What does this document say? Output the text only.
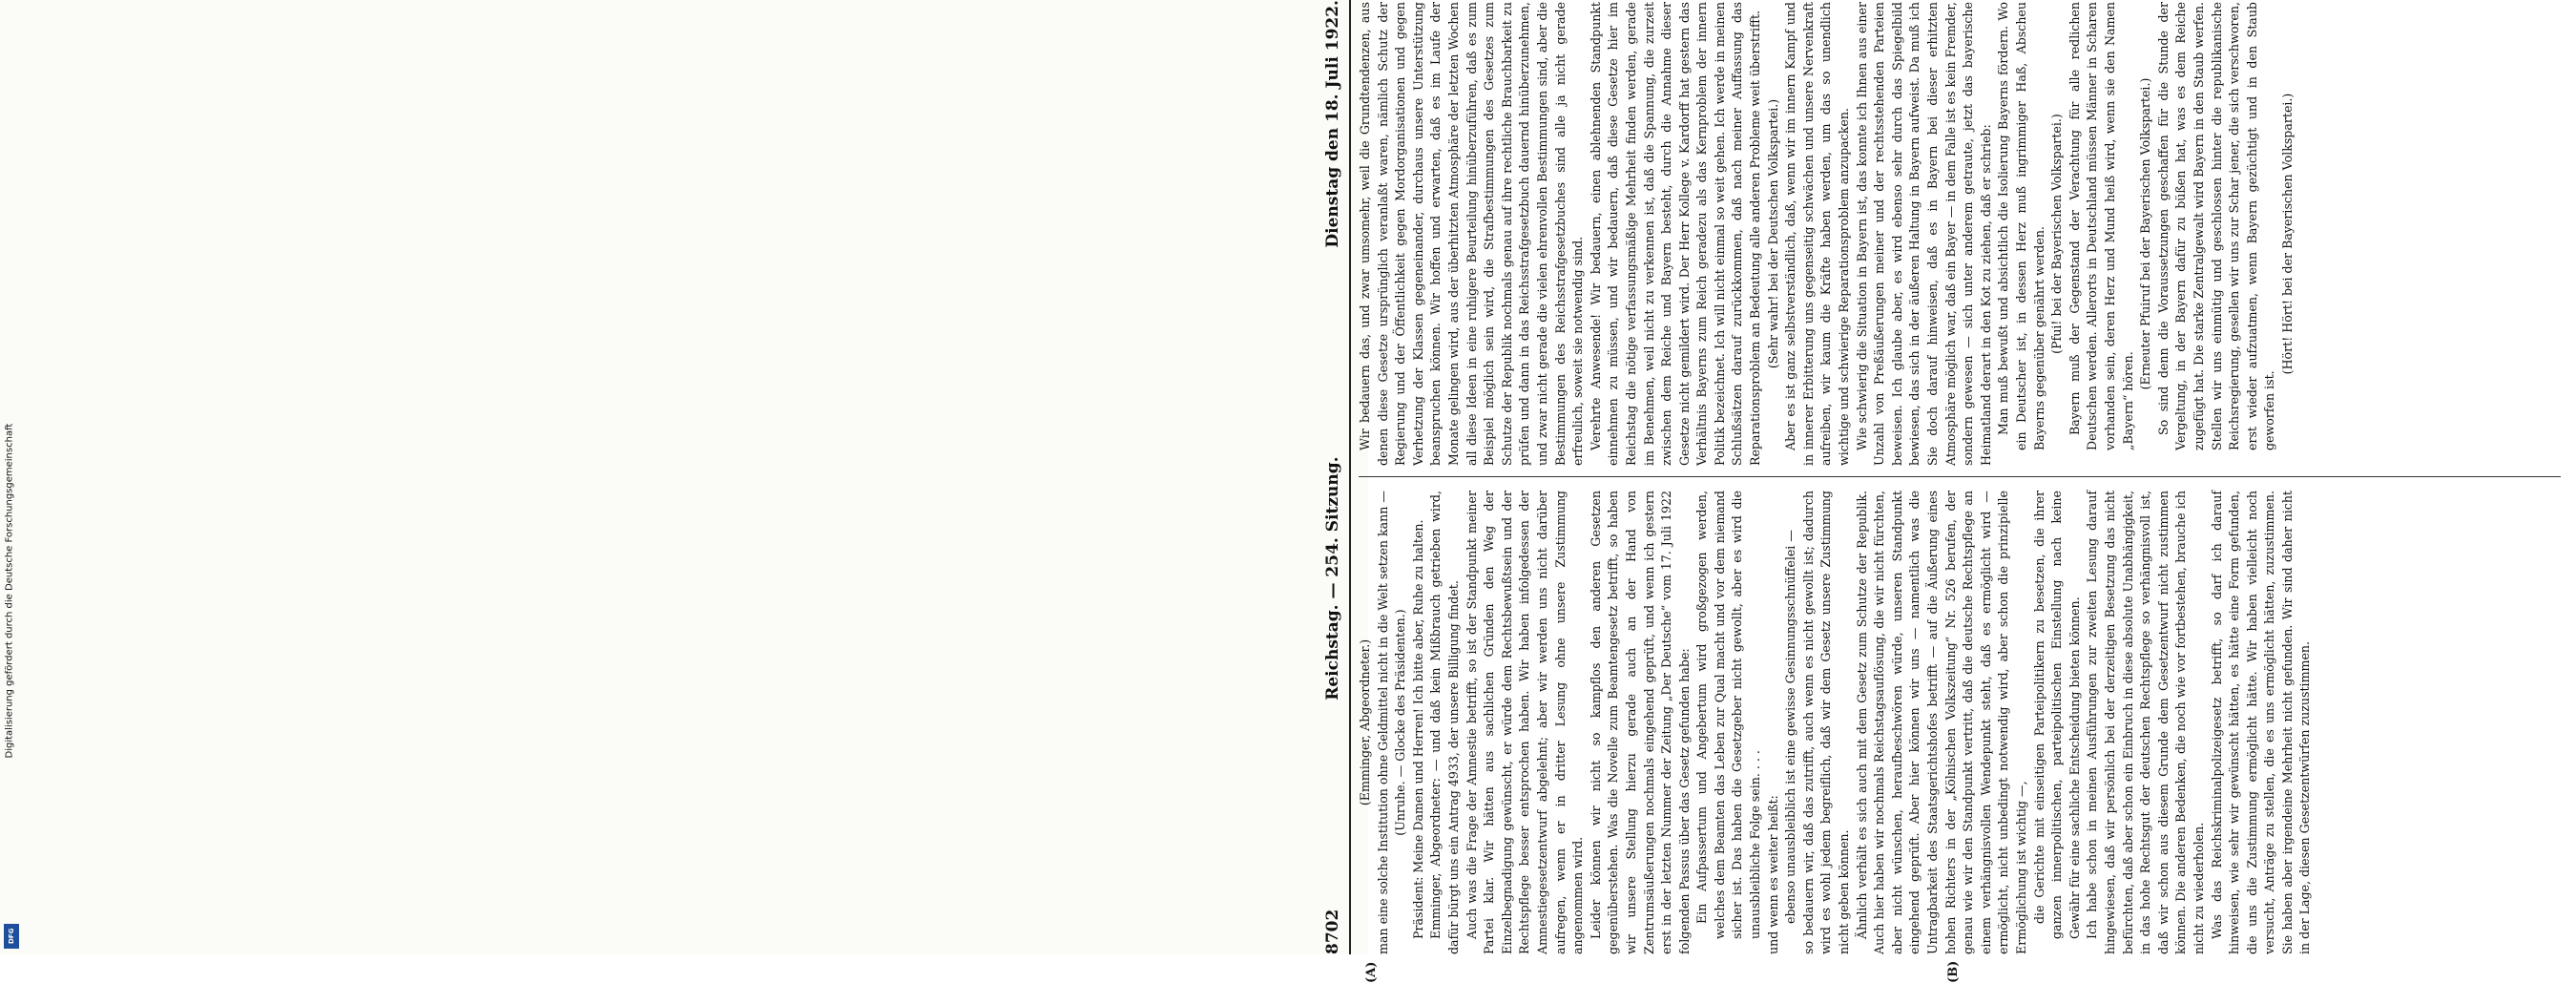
8702
Reichstag. — 254. Sitzung.
Dienstag den 18. Juli 1922.

(Emminger, Abgeordneter.) man eine solche Institution ohne Geldmittel nicht in die Welt setzen kann — (Unruhe. — Glocke des Präsidenten.) Präsident: Meine Damen und Herren! Ich bitte aber, Ruhe zu halten. Emminger, Abgeordneter: — und daß kein Mißbrauch getrieben wird, dafür bürgt uns ein Antrag 4933, der unsere Billigung findet. Auch was die Frage der Amnestie betrifft, so ist der Standpunkt meiner Partei klar. Wir hätten aus sachlichen Gründen den Weg der Einzelbegnadigung gewünscht, er würde dem Rechtsbewußtsein und der Rechtspflege besser entsprochen haben. Wir haben infolgedessen der Amnestiegesetzentwurf abgelehnt; aber wir werden uns nicht darüber aufregen, wenn er in dritter Lesung ohne unsere Zustimmung angenommen wird. Leider können wir nicht so kampflos den anderen Gesetzen gegenüberstehen. Was die Novelle zum Beamtengesetz betrifft, so haben wir unsere Stellung hierzu gerade auch an der Hand von Zentrumsäußerungen nochmals eingehend geprüft, und wenn ich gestern erst in der letzten Nummer der Zeitung „Der Deutsche“ vom 17. Juli 1922 folgenden Passus über das Gesetz gefunden habe: Ein Aufpassertum und Angebertum wird großgezogen werden, welches dem Beamten das Leben zur Qual macht und vor dem niemand sicher ist. Das haben die Gesetzgeber nicht gewollt, aber es wird die unausbleibliche Folge sein. . . . und wenn es weiter heißt: ebenso unausbleiblich ist eine gewisse Gesinnungsschnüffelei — so bedauern wir, daß das zutrifft, auch wenn es nicht gewollt ist; dadurch wird es wohl jedem begreiflich, daß wir dem Gesetz unsere Zustimmung nicht geben können. Ähnlich verhält es sich auch mit dem Gesetz zum Schutze der Republik. Auch hier haben wir nochmals Reichstagsauflösung, die wir nicht fürchten, aber nicht wünschen, heraufbeschwören würde, unseren Standpunkt eingehend geprüft. Aber hier können wir uns — namentlich was die Untragbarkeit des Staatsgerichtshofes betrifft — auf die Äußerung eines hohen Richters in der „Kölnischen Volkszeitung“ Nr. 526 berufen, der genau wie wir den Standpunkt vertritt, daß die deutsche Rechtspflege an einem verhängnisvollen Wendepunkt steht, daß es ermöglicht wird — ermöglicht, nicht unbedingt notwendig wird, aber schon die prinzipielle Ermöglichung ist wichtig —, die Gerichte mit einseitigen Parteipolitikern zu besetzen, die ihrer ganzen innerpolitischen, parteipolitischen Einstellung nach keine Gewähr für eine sachliche Entscheidung bieten können. Ich habe schon in meinen Ausführungen zur zweiten Lesung darauf hingewiesen, daß wir persönlich bei der derzeitigen Besetzung das nicht befürchten, daß aber schon ein Einbruch in diese absolute Unabhängigkeit, in das hohe Rechtsgut der deutschen Rechtspflege so verhängnisvoll ist, daß wir schon aus diesem Grunde dem Gesetzentwurf nicht zustimmen können. Die anderen Bedenken, die noch wie vor fortbestehen, brauche ich nicht zu wiederholen. Was das Reichskriminalpolizeigesetz betrifft, so darf ich darauf hinweisen, wie sehr wir gewünscht hätten, es hätte eine Form gefunden, die uns die Zustimmung ermöglicht hätte. Wir haben vielleicht noch versucht, Anträge zu stellen, die es uns ermöglicht hätten, zuzustimmen. Sie haben aber irgendeine Mehrheit nicht gefunden. Wir sind daher nicht in der Lage, diesen Gesetzentwürfen zuzustimmen.

Wir bedauern das, und zwar umsomehr, weil die Grundtendenzen, aus denen diese Gesetze ursprünglich veranlaßt waren, nämlich Schutz der Regierung und der Öffentlichkeit gegen Mordorganisationen und gegen Verhetzung der Klassen gegeneinander, durchaus unsere Unterstützung beanspruchen können. Wir hoffen und erwarten, daß es im Laufe der Monate gelingen wird, aus der überhitzten Atmosphäre der letzten Wochen all diese Ideen in eine ruhigere Beurteilung hinüberzuführen, daß es zum Beispiel möglich sein wird, die Strafbestimmungen des Gesetzes zum Schutze der Republik nochmals genau auf ihre rechtliche Brauchbarkeit zu prüfen und dann in das Reichsstrafgesetzbuch dauernd hinüberzunehmen, und zwar nicht gerade die vielen ehrenvollen Bestimmungen sind, aber die Bestimmungen des Reichsstrafgesetzbuches sind alle ja nicht gerade erfreulich, soweit sie notwendig sind. Verehrte Anwesende! Wir bedauern, einen ablehnenden Standpunkt einnehmen zu müssen, und wir bedauern, daß diese Gesetze hier im Reichstag die nötige verfassungsmäßige Mehrheit finden werden, gerade im Benehmen, weil nicht zu verkennen ist, daß die Spannung, die zurzeit zwischen dem Reiche und Bayern besteht, durch die Annahme dieser Gesetze nicht gemildert wird. Der Herr Kollege v. Kardorff hat gestern das Verhältnis Bayerns zum Reich geradezu als das Kernproblem der innern Politik bezeichnet. Ich will nicht einmal so weit gehen. Ich werde in meinen Schlußsätzen darauf zurückkommen, daß nach meiner Auffassung das Reparationsproblem an Bedeutung alle anderen Probleme weit überstrifft. (Sehr wahr! bei der Deutschen Volkspartei.) Aber es ist ganz selbstverständlich, daß, wenn wir im innern Kampf und in innerer Erbitterung uns gegenseitig schwächen und unsere Nervenkraft aufreiben, wir kaum die Kräfte haben werden, um das so unendlich wichtige und schwierige Reparationsproblem anzupacken. Wie schwierig die Situation in Bayern ist, das konnte ich Ihnen aus einer Unzahl von Preßäußerungen meiner und der rechtsstehenden Parteien beweisen. Ich glaube aber, es wird ebenso sehr durch das Spiegelbild bewiesen, das sich in der äußeren Haltung in Bayern aufweist. Da muß ich Sie doch darauf hinweisen, daß es in Bayern bei dieser erhitzten Atmosphäre möglich war, daß ein Bayer — in dem Falle ist es kein Fremder, sondern gewesen — sich unter anderem getraute, jetzt das bayerische Heimatland derart in den Kot zu ziehen, daß er schrieb: Man muß bewußt und absichtlich die Isolierung Bayerns fördern. Wo ein Deutscher ist, in dessen Herz muß ingrimmiger Haß, Abscheu Bayerns gegenüber genährt werden. (Pfui! bei der Bayerischen Volkspartei.) Bayern muß der Gegenstand der Verachtung für alle redlichen Deutschen werden. Allerorts in Deutschland müssen Männer in Scharen vorhanden sein, deren Herz und Mund heiß wird, wenn sie den Namen „Bayern“ hören.

(Erneuter Pfuiruf bei der Bayerischen Volkspartei.) So sind denn die Voraussetzungen geschaffen für die Stunde der Vergeltung, in der Bayern dafür zu büßen hat, was es dem Reiche zugefügt hat. Die starke Zentralgewalt wird Bayern in den Staub werfen. Stellen wir uns einmütig und geschlossen hinter die republikanische Reichsregierung, gesellen wir uns zur Schar jener, die sich verschworen, erst wieder aufzuatmen, wenn Bayern gezüchtigt und in den Staub geworfen ist.

(Hört! Hört! bei der Bayerischen Volkspartei.)

(A)	(B)
Digitalisierung gefördert durch die Deutsche Forschungsgemeinschaft
DFG
